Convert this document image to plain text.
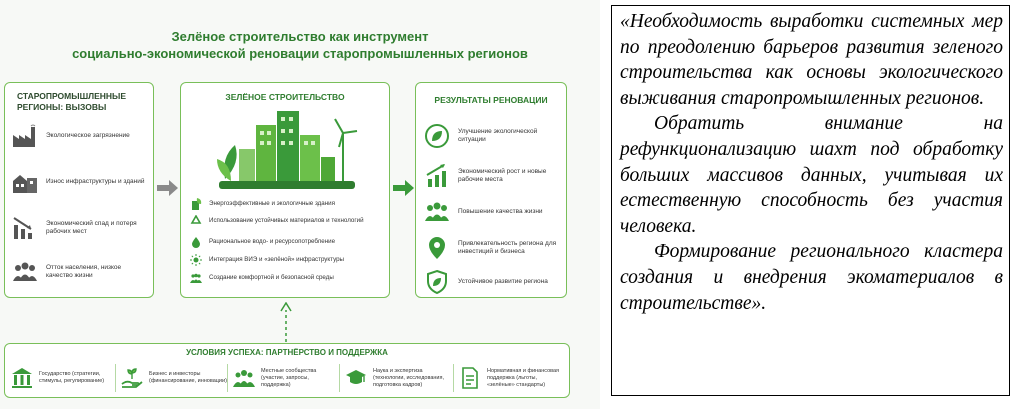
Зелёное строительство как инструмент
социально-экономической реновации старопромышленных регионов
СТАРОПРОМЫШЛЕННЫЕ РЕГИОНЫ: ВЫЗОВЫ
Экологическое загрязнение
Износ инфраструктуры и зданий
Экономический спад и потеря рабочих мест
Отток населения, низкое качество жизни
ЗЕЛЁНОЕ СТРОИТЕЛЬСТВО
Энергоэффективные и экологичные здания
Использование устойчивых материалов и технологий
Рациональное водо- и ресурсопотребление
Интеграция ВИЭ и «зелёной» инфраструктуры
Создание комфортной и безопасной среды
РЕЗУЛЬТАТЫ РЕНОВАЦИИ
Улучшение экологической ситуации
Экономический рост и новые рабочие места
Повышение качества жизни
Привлекательность региона для инвестиций и бизнеса
Устойчивое развитие региона
УСЛОВИЯ УСПЕХА: ПАРТНЁРСТВО И ПОДДЕРЖКА
Государство (стратегии, стимулы, регулирование)
Бизнес и инвесторы (финансирование, инновации)
Местные сообщества (участие, запросы, поддержка)
Наука и экспертиза (технологии, исследования, подготовка кадров)
Нормативная и финансовая поддержка (льготы, «зелёные» стандарты)

«Необходимость выработки системных мер по преодолению барьеров развития зеленого строительства как основы экологического выживания старопромышленных регионов.

Обратить внимание на рефункционализацию шахт под обработку больших массивов данных, учитывая их естественную способность без участия человека.

Формирование регионального кластера создания и внедрения экоматериалов в строительстве».
